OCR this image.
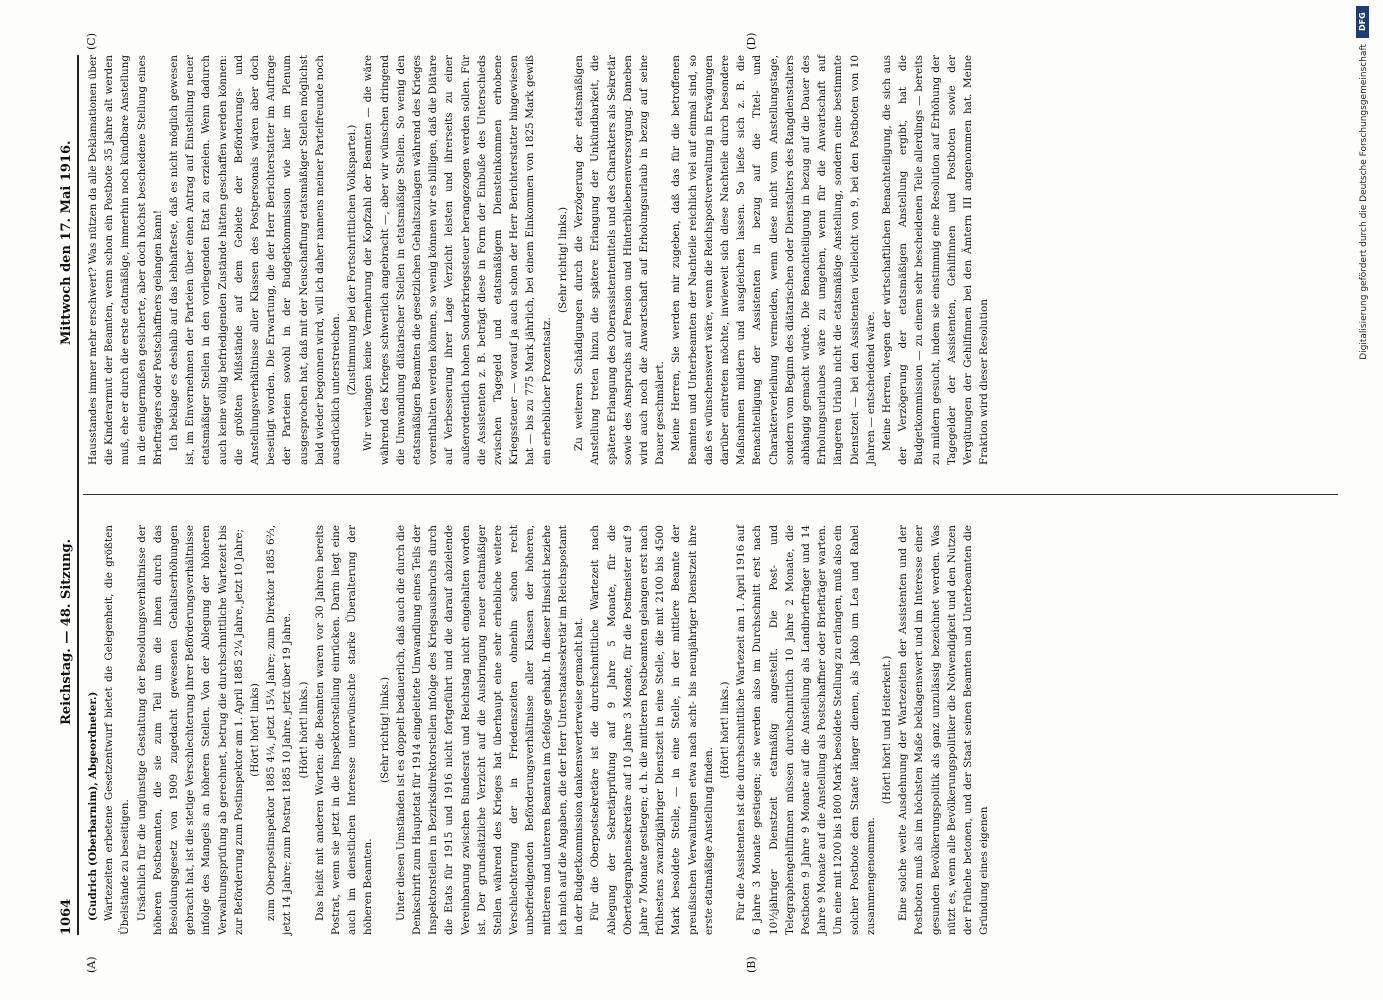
1064
Reichstag. — 48. Sitzung.
Mittwoch den 17. Mai 1916.

(Gudrich (Oberbarnim), Abgeordneter.) Wartezeiten erbetene Gesetzentwurf bietet die Gelegenheit, die größten Übelstände zu beseitigen. Ursächlich für die ungünstige Gestaltung der Besoldungsverhältnisse der höheren Postbeamten, die sie zum Teil um die ihnen durch das Besoldungsgesetz von 1909 zugedacht gewesenen Gehaltserhöhungen gebracht hat, ist die stetige Verschlechterung ihrer Beförderungsverhältnisse infolge des Mangels an höheren Stellen. Von der Ablegung der höheren Verwaltungsprüfung ab gerechnet, betrug die durchschnittliche Wartezeit bis zur Beförderung zum Postinspektor am 1. April 1885 2¼ Jahre, jetzt 10 Jahre; (Hört! hört! links) zum Oberpostinspektor 1885 4¼, jetzt 15¼ Jahre; zum Direktor 1885 6⅔, jetzt 14 Jahre; zum Postrat 1885 10 Jahre, jetzt über 19 Jahre. (Hört! hört! links.) Das heißt mit anderen Worten: die Beamten waren vor 30 Jahren bereits Postrat, wenn sie jetzt in die Inspektorstellung einrücken. Darin liegt eine auch im dienstlichen Interesse unerwünschte starke Überalterung der höheren Beamten.

(Sehr richtig! links.) Unter diesen Umständen ist es doppelt bedauerlich, daß auch die durch die Denkschrift zum Hauptetat für 1914 eingeleitete Umwandlung eines Teils der Inspektorstellen in Bezirksdirektorstellen infolge des Kriegsausbruchs durch die Etats für 1915 und 1916 nicht fortgeführt und die darauf abzielende Vereinbarung zwischen Bundesrat und Reichstag nicht eingehalten worden ist. Der grundsätzliche Verzicht auf die Ausbringung neuer etatmäßiger Stellen während des Krieges hat überhaupt eine sehr erhebliche weitere Verschlechterung der in Friedenszeiten ohnehin schon recht unbefriedigenden Beförderungsverhältnisse aller Klassen der höheren, mittleren und unteren Beamten im Gefolge gehabt. In dieser Hinsicht beziehe ich mich auf die Angaben, die der Herr Unterstaatssekretär im Reichspostamt in der Budgetkommission dankenswerterweise gemacht hat. Für die Oberpostsekretäre ist die durchschnittliche Wartezeit nach Ablegung der Sekretärprüfung auf 9 Jahre 5 Monate, für die Obertelegraphensekretäre auf 10 Jahre 3 Monate, für die Postmeister auf 9 Jahre 7 Monate gestiegen; d. h. die mittleren Postbeamten gelangen erst nach frühestens zwanzigjähriger Dienstzeit in eine Stelle, die mit 2100 bis 4500 Mark besoldete Stelle, — in eine Stelle, in der mittlere Beamte der preußischen Verwaltungen etwa nach acht- bis neunjähriger Dienstzeit ihre erste etatmäßige Anstellung finden.

(Hört! hört! links.) Für die Assistenten ist die durchschnittliche Wartezeit am 1. April 1916 auf 6 Jahre 3 Monate gestiegen; sie werden also im Durchschnitt erst nach 10½jähriger Dienstzeit etatmäßig angestellt. Die Post- und Telegraphengehilfinnen müssen durchschnittlich 10 Jahre 2 Monate, die Postboten 9 Jahre 9 Monate auf die Anstellung als Landbriefträger und 14 Jahre 9 Monate auf die Anstellung als Postschaffner oder Briefträger warten. Um eine mit 1200 bis 1800 Mark besoldete Stellung zu erlangen, muß also ein solcher Postbote dem Staate länger dienen, als Jakob um Lea und Rahel zusammengenommen.

(Hört! hört! und Heiterkeit.) Eine solche weite Ausdehnung der Wartezeiten der Assistenten und der Postboten muß als im höchsten Maße beklagenswert und im Interesse einer gesunden Bevölkerungspolitik als ganz unzulässig bezeichnet werden. Was nützt es, wenn alle Bevölkerungspolitiker die Notwendigkeit und den Nutzen der Frühehe betonen, und der Staat seinen Beamten und Unterbeamten die Gründung eines eigenen

Hausstandes immer mehr erschwert? Was nützen da alle Deklamationen über die Kinderarmut der Beamten, wenn schon ein Postbote 35 Jahre alt werden muß, ehe er durch die erste etatmäßige, immerhin noch kündbare Anstellung in die einigermaßen gesicherte, aber doch höchst bescheidene Stellung eines Briefträgers oder Postschaffners gelangen kann! Ich beklage es deshalb auf das lebhafteste, daß es nicht möglich gewesen ist, im Einvernehmen der Parteien über einen Antrag auf Einstellung neuer etatsmäßiger Stellen in den vorliegenden Etat zu erzielen. Wenn dadurch auch keine völlig befriedigenden Zustände hätten geschaffen werden können: die größten Mißstände auf dem Gebiete der Beförderungs- und Anstellungsverhältnisse aller Klassen des Postpersonals wären aber doch beseitigt worden. Die Erwartung, die der Herr Berichterstatter im Auftrage der Parteien sowohl in der Budgetkommission wie hier im Plenum ausgesprochen hat, daß mit der Neuschaffung etatsmäßiger Stellen möglichst bald wieder begonnen wird, will ich daher namens meiner Parteifreunde noch ausdrücklich unterstreichen. (Zustimmung bei der Fortschrittlichen Volkspartei.) Wir verlangen keine Vermehrung der Kopfzahl der Beamten — die wäre während des Krieges schwerlich angebracht —, aber wir wünschen dringend die Umwandlung diätarischer Stellen in etatsmäßige Stellen. So wenig den etatsmäßigen Beamten die gesetzlichen Gehaltszulagen während des Krieges vorenthalten werden können, so wenig können wir es billigen, daß die Diätare auf Verbesserung ihrer Lage Verzicht leisten und ihrerseits zu einer außerordentlich hohen Sonderkriegssteuer herangezogen werden sollen. Für die Assistenten z. B. beträgt diese in Form der Einbuße des Unterschieds zwischen Tagegeld und etatsmäßigem Diensteinkommen erhobene Kriegssteuer — worauf ja auch schon der Herr Berichterstatter hingewiesen hat — bis zu 775 Mark jährlich, bei einem Einkommen von 1825 Mark gewiß ein erheblicher Prozentsatz.

(Sehr richtig! links.) Zu weiteren Schädigungen durch die Verzögerung der etatsmäßigen Anstellung treten hinzu die spätere Erlangung der Unkündbarkeit, die spätere Erlangung des Oberassistententitels und des Charakters als Sekretär sowie des Anspruchs auf Pension und Hinterbliebenenversorgung. Daneben wird auch noch die Anwartschaft auf Erholungsurlaub in bezug auf seine Dauer geschmälert. Meine Herren, Sie werden mir zugeben, daß das für die betroffenen Beamten und Unterbeamten der Nachteile reichlich viel auf einmal sind, so daß es wünschenswert wäre, wenn die Reichspostverwaltung in Erwägungen darüber eintreten möchte, inwieweit sich diese Nachteile durch besondere Maßnahmen mildern und ausgleichen lassen. So ließe sich z. B. die Benachteiligung der Assistenten in bezug auf die Titel- und Charakterverleihung vermeiden, wenn diese nicht vom Anstellungstage, sondern vom Beginn des diätarischen oder Dienstalters des Rangdienstalters abhängig gemacht würde. Die Benachteiligung in bezug auf die Dauer des Erholungsurlaubes wäre zu umgehen, wenn für die Anwartschaft auf längeren Urlaub nicht die etatsmäßige Anstellung, sondern eine bestimmte Dienstzeit — bei den Assistenten vielleicht von 9, bei den Postboten von 10 Jahren — entscheidend wäre. Meine Herren, wegen der wirtschaftlichen Benachteiligung, die sich aus der Verzögerung der etatsmäßigen Anstellung ergibt, hat die Budgetkommission — zu einem sehr bescheidenen Teile allerdings — bereits zu mildern gesucht, indem sie einstimmig eine Resolution auf Erhöhung der Tagegelder der Assistenten, Gehilfinnen und Postboten sowie der Vergütungen der Gehilfinnen bei den Ämtern III angenommen hat. Meine Fraktion wird dieser Resolution

(A)	(B)
(C)	(D)
DFG
Digitalisierung gefördert durch die Deutsche Forschungsgemeinschaft
